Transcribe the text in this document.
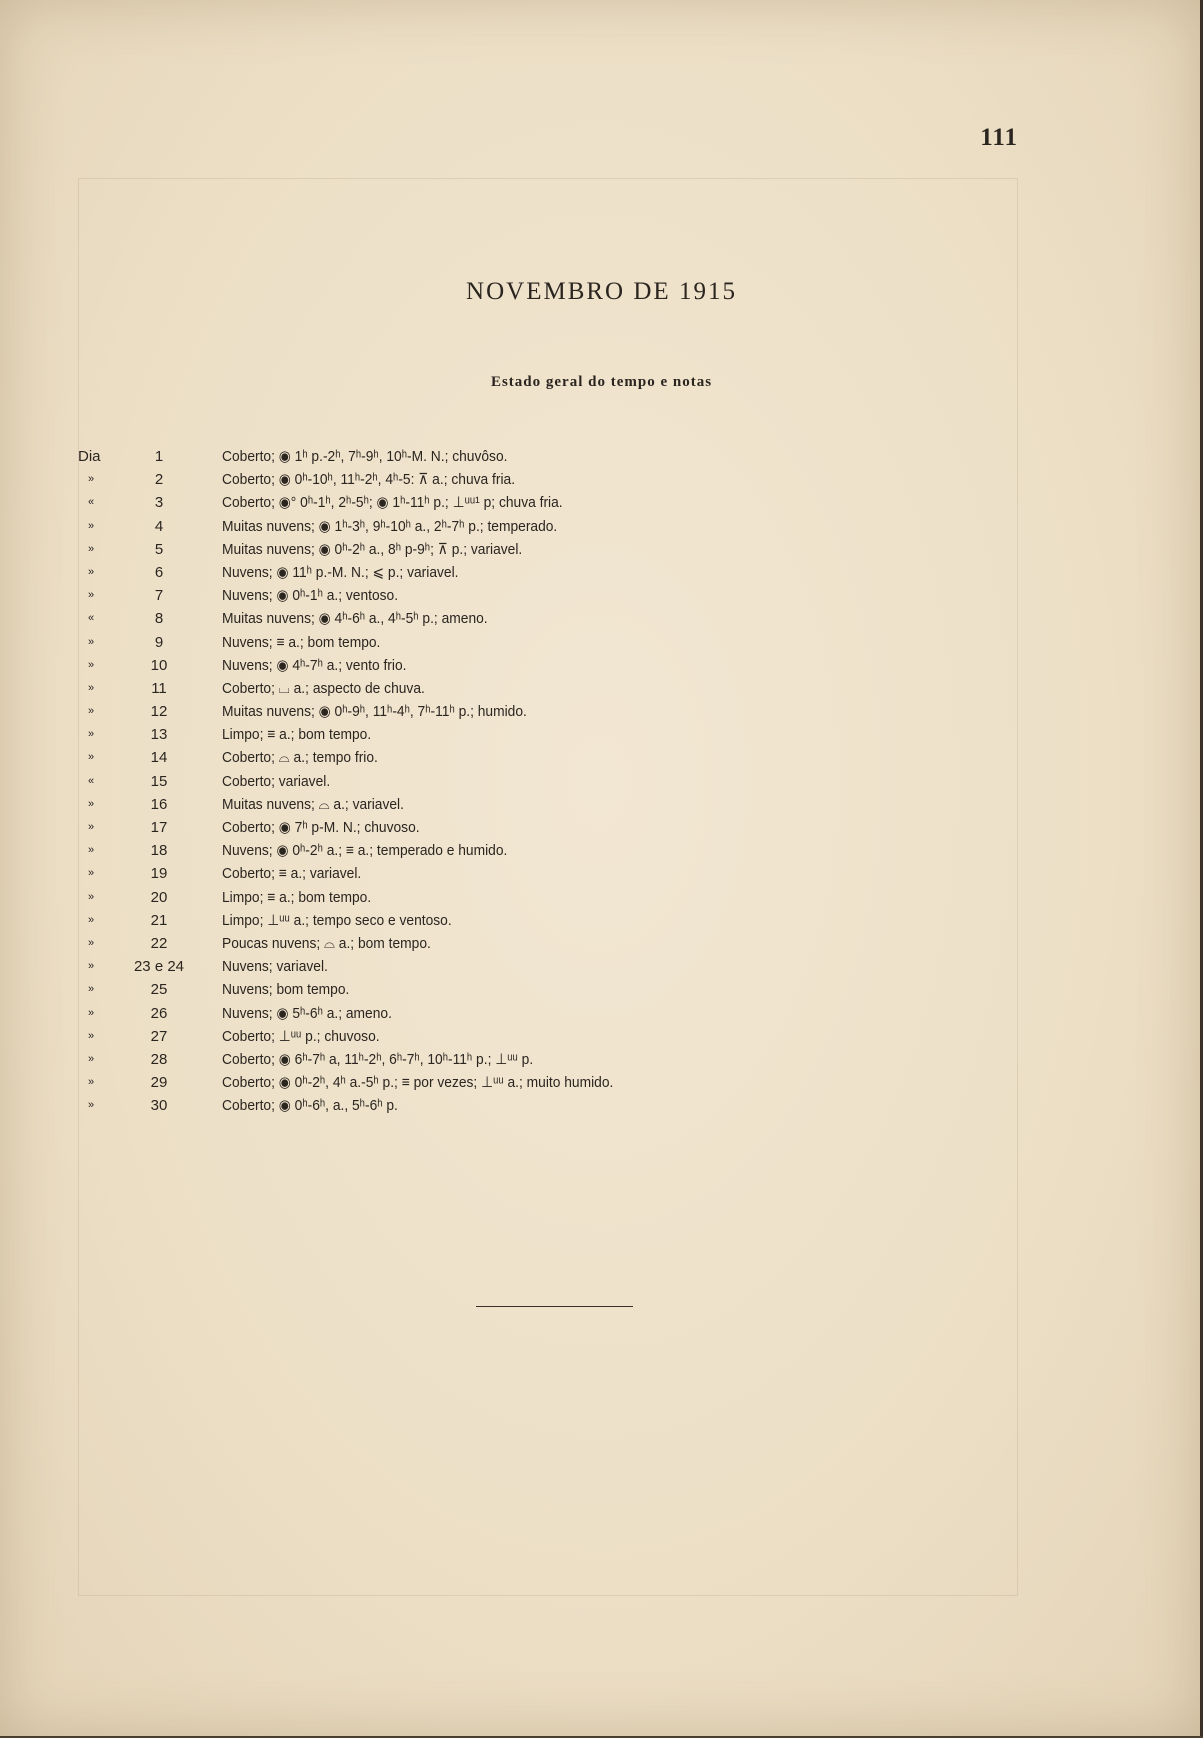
111
NOVEMBRO DE 1915
Estado geral do tempo e notas
Dia	1	Coberto; ◉ 1ʰ p.-2ʰ, 7ʰ-9ʰ, 10ʰ-M. N.; chuvôso.
»	2	Coberto; ◉ 0ʰ-10ʰ, 11ʰ-2ʰ, 4ʰ-5: ⊼ a.; chuva fria.
«	3	Coberto; ◉° 0ʰ-1ʰ, 2ʰ-5ʰ; ◉ 1ʰ-11ʰ p.; ⊥ᵘᵘ¹ p; chuva fria.
»	4	Muitas nuvens; ◉ 1ʰ-3ʰ, 9ʰ-10ʰ a., 2ʰ-7ʰ p.; temperado.
»	5	Muitas nuvens; ◉ 0ʰ-2ʰ a., 8ʰ p-9ʰ; ⊼ p.; variavel.
»	6	Nuvens; ◉ 11ʰ p.-M. N.; ⩽ p.; variavel.
»	7	Nuvens; ◉ 0ʰ-1ʰ a.; ventoso.
«	8	Muitas nuvens; ◉ 4ʰ-6ʰ a., 4ʰ-5ʰ p.; ameno.
»	9	Nuvens; ≡ a.; bom tempo.
»	10	Nuvens; ◉ 4ʰ-7ʰ a.; vento frio.
»	11	Coberto; ⌴ a.; aspecto de chuva.
»	12	Muitas nuvens; ◉ 0ʰ-9ʰ, 11ʰ-4ʰ, 7ʰ-11ʰ p.; humido.
»	13	Limpo; ≡ a.; bom tempo.
»	14	Coberto; ⌓ a.; tempo frio.
«	15	Coberto; variavel.
»	16	Muitas nuvens; ⌓ a.; variavel.
»	17	Coberto; ◉ 7ʰ p-M. N.; chuvoso.
»	18	Nuvens; ◉ 0ʰ-2ʰ a.; ≡ a.; temperado e humido.
»	19	Coberto; ≡ a.; variavel.
»	20	Limpo; ≡ a.; bom tempo.
»	21	Limpo; ⊥ᵘᵘ a.; tempo seco e ventoso.
»	22	Poucas nuvens; ⌓ a.; bom tempo.
»	23 e 24	Nuvens; variavel.
»	25	Nuvens; bom tempo.
»	26	Nuvens; ◉ 5ʰ-6ʰ a.; ameno.
»	27	Coberto; ⊥ᵘᵘ p.; chuvoso.
»	28	Coberto; ◉ 6ʰ-7ʰ a, 11ʰ-2ʰ, 6ʰ-7ʰ, 10ʰ-11ʰ p.; ⊥ᵘᵘ p.
»	29	Coberto; ◉ 0ʰ-2ʰ, 4ʰ a.-5ʰ p.; ≡ por vezes; ⊥ᵘᵘ a.; muito humido.
»	30	Coberto; ◉ 0ʰ-6ʰ, a., 5ʰ-6ʰ p.
